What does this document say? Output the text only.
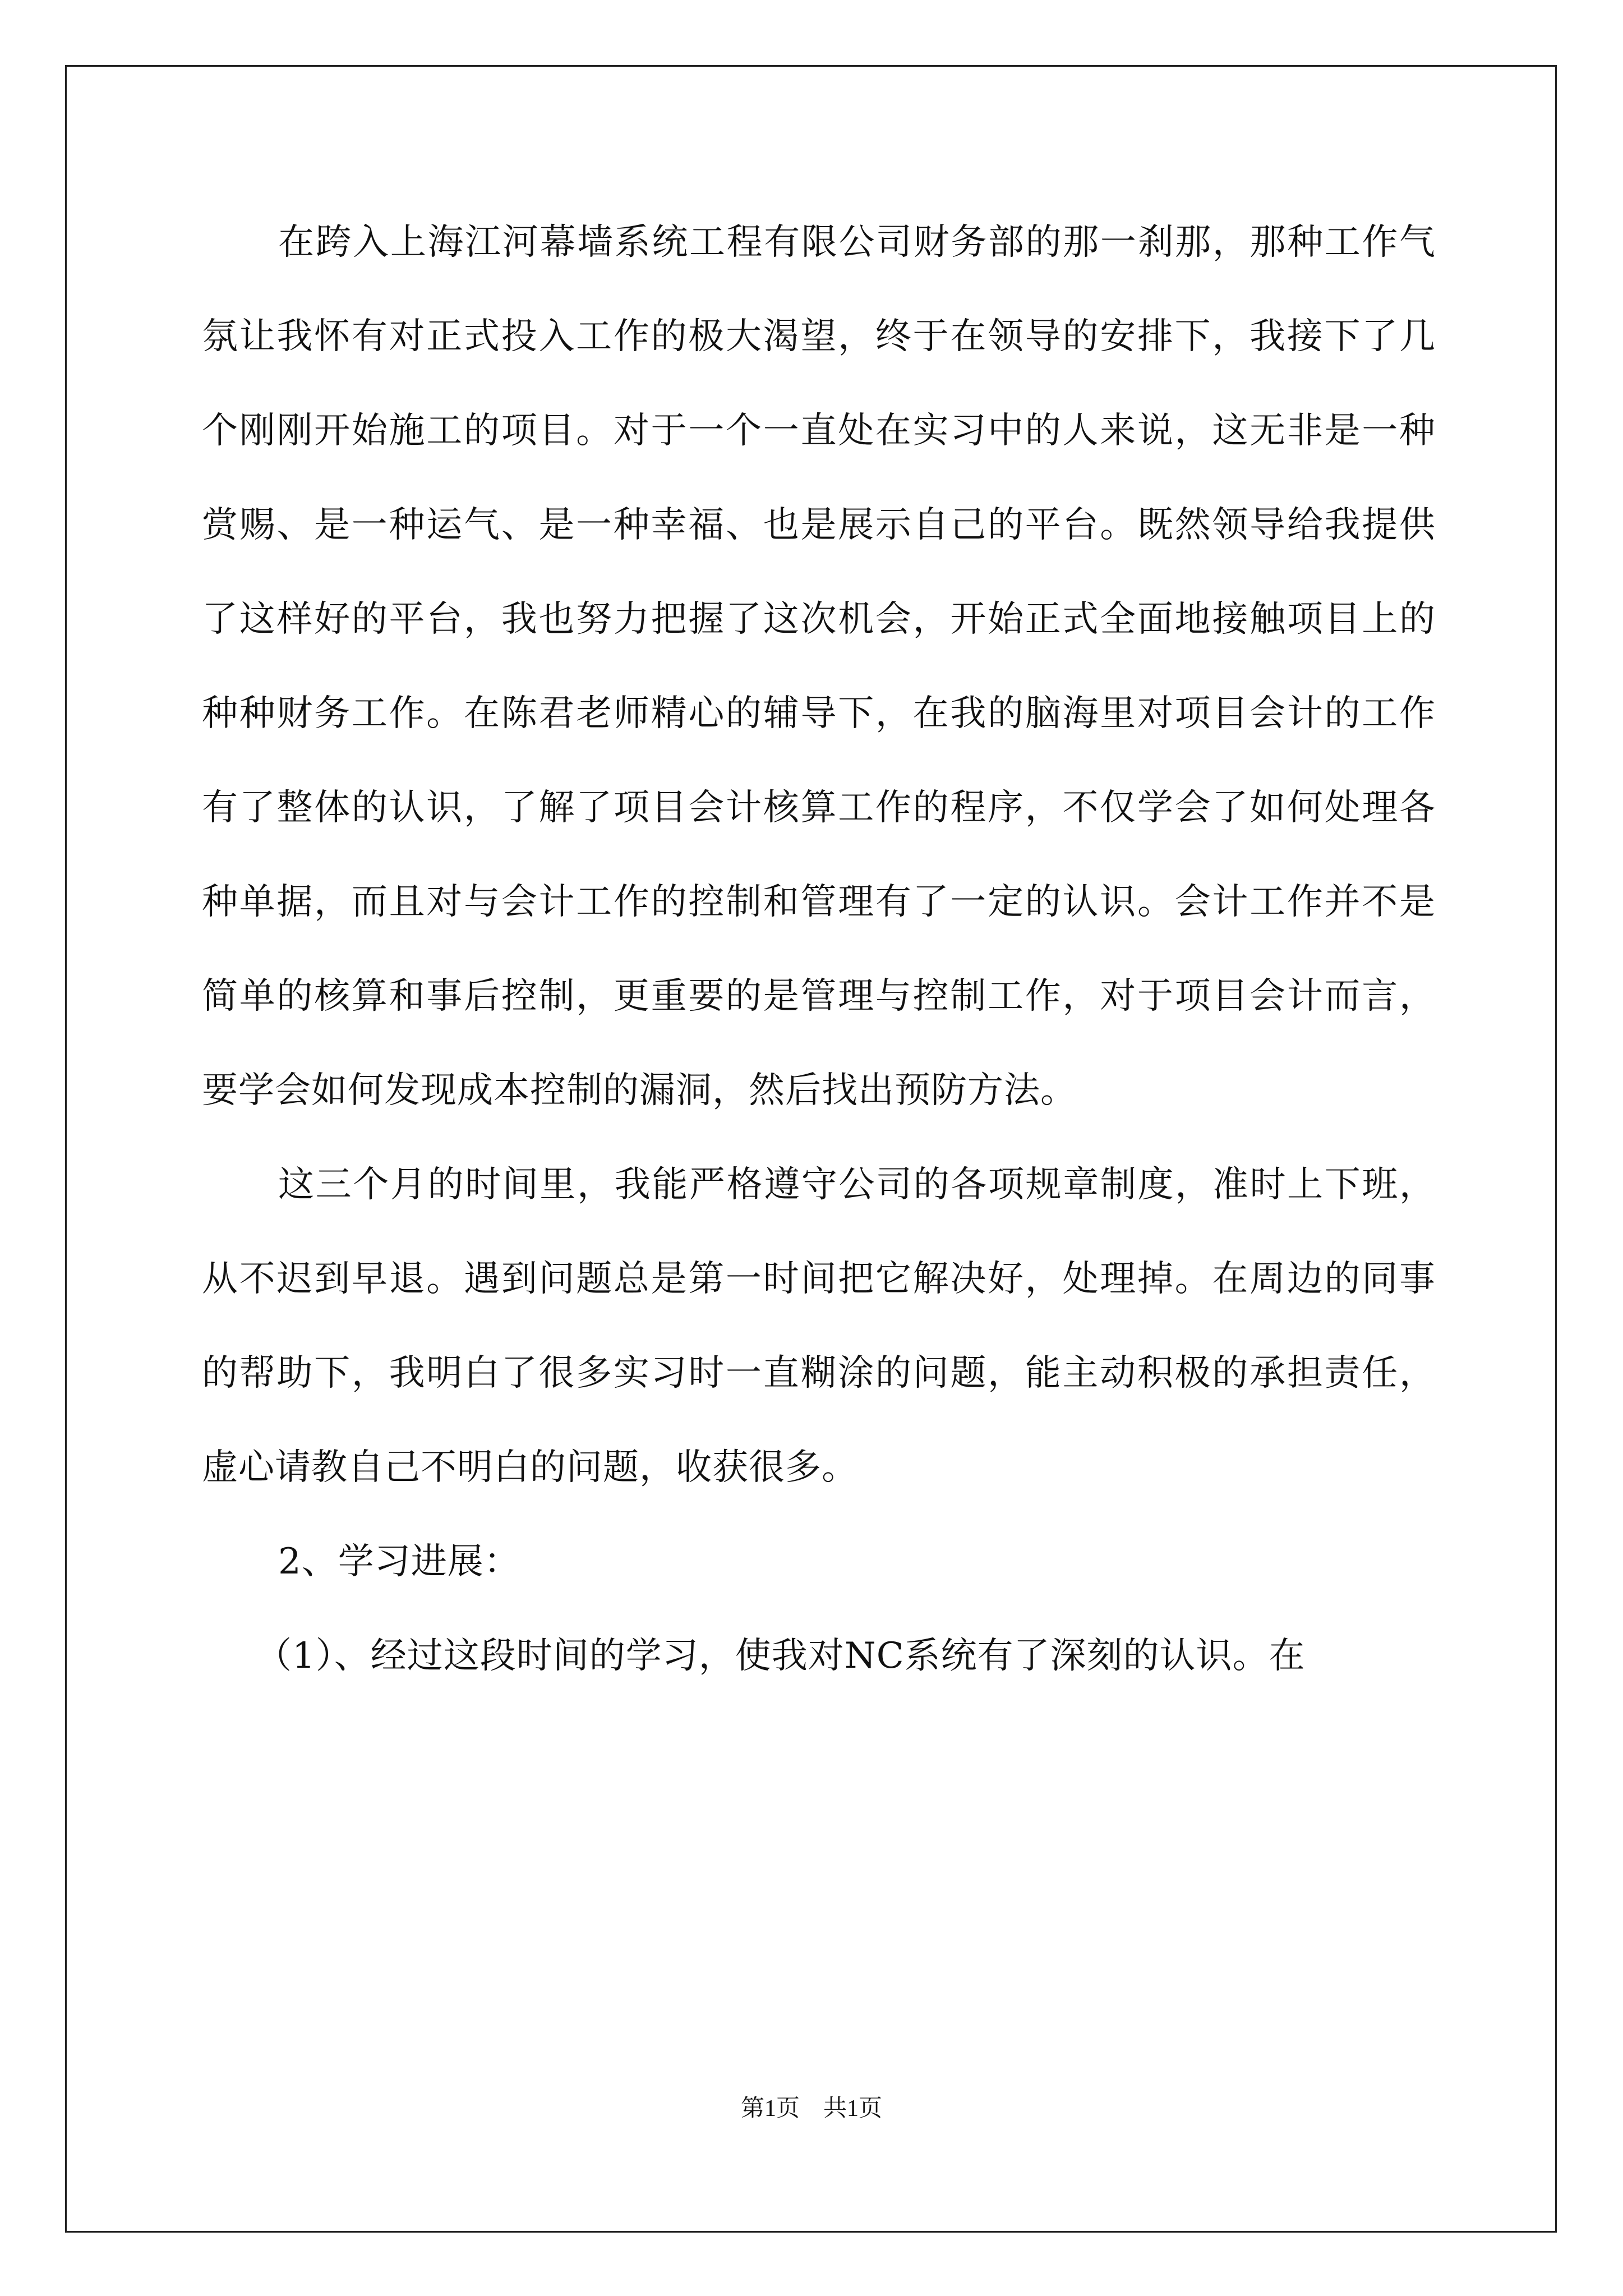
在跨入上海江河幕墙系统工程有限公司财务部的那一刹那，那种工作气氛让我怀有对正式投入工作的极大渴望，终于在领导的安排下，我接下了几个刚刚开始施工的项目。对于一个一直处在实习中的人来说，这无非是一种赏赐、是一种运气、是一种幸福、也是展示自己的平台。既然领导给我提供了这样好的平台，我也努力把握了这次机会，开始正式全面地接触项目上的种种财务工作。在陈君老师精心的辅导下，在我的脑海里对项目会计的工作有了整体的认识，了解了项目会计核算工作的程序，不仅学会了如何处理各种单据，而且对与会计工作的控制和管理有了一定的认识。会计工作并不是简单的核算和事后控制，更重要的是管理与控制工作，对于项目会计而言，要学会如何发现成本控制的漏洞，然后找出预防方法。

这三个月的时间里，我能严格遵守公司的各项规章制度，准时上下班，从不迟到早退。遇到问题总是第一时间把它解决好，处理掉。在周边的同事的帮助下，我明白了很多实习时一直糊涂的问题，能主动积极的承担责任，虚心请教自己不明白的问题，收获很多。

2、学习进展：

（1）、经过这段时间的学习，使我对NC系统有了深刻的认识。在

第1页　共1页
